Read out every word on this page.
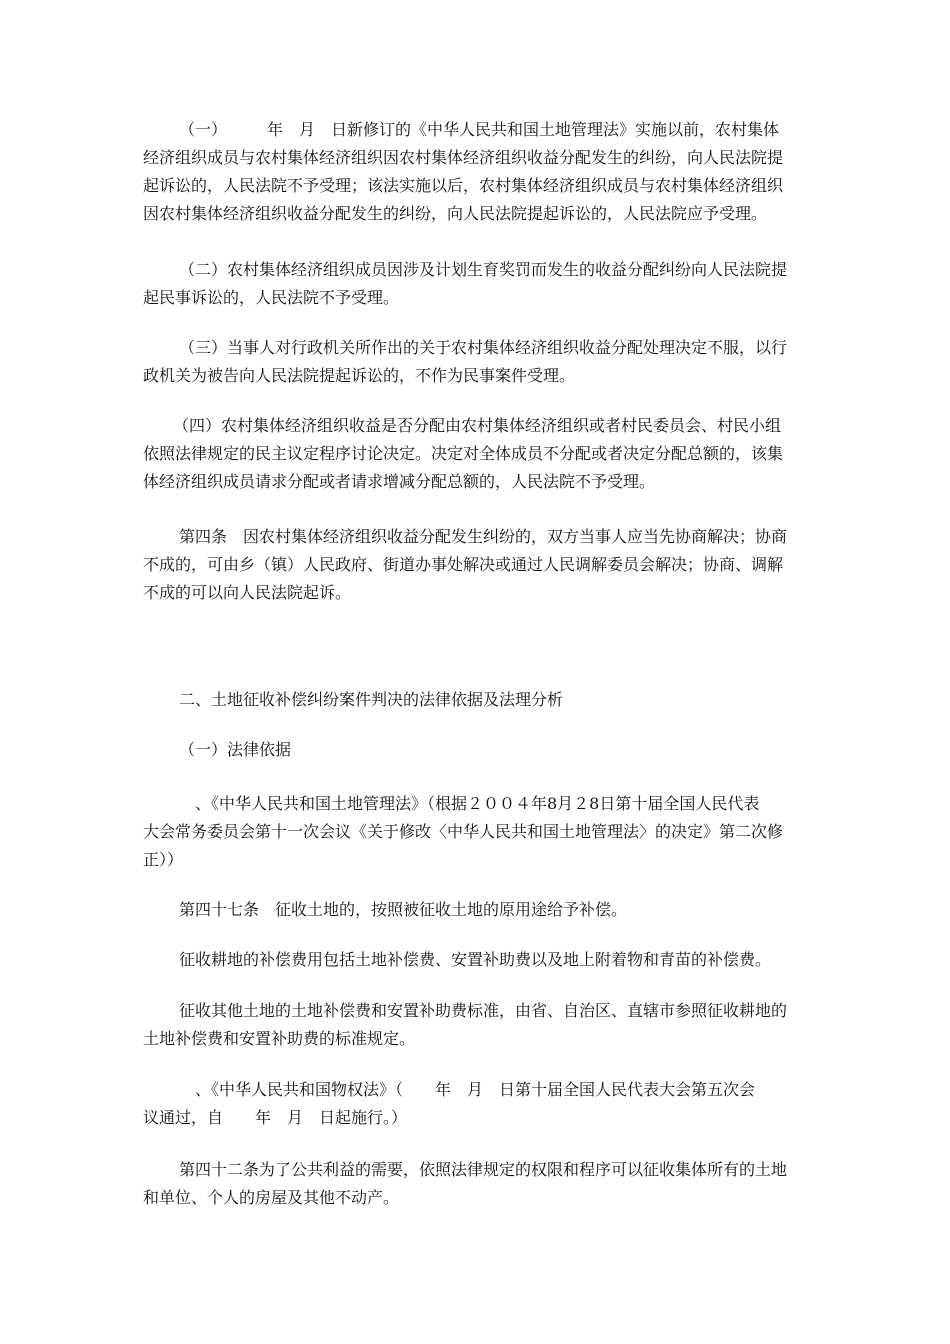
（一）　　　年　月　日新修订的《中华人民共和国土地管理法》实施以前，农村集体
经济组织成员与农村集体经济组织因农村集体经济组织收益分配发生的纠纷，向人民法院提
起诉讼的，人民法院不予受理；该法实施以后，农村集体经济组织成员与农村集体经济组织
因农村集体经济组织收益分配发生的纠纷，向人民法院提起诉讼的，人民法院应予受理。
（二）农村集体经济组织成员因涉及计划生育奖罚而发生的收益分配纠纷向人民法院提
起民事诉讼的，人民法院不予受理。
（三）当事人对行政机关所作出的关于农村集体经济组织收益分配处理决定不服，以行
政机关为被告向人民法院提起诉讼的，不作为民事案件受理。
（四）农村集体经济组织收益是否分配由农村集体经济组织或者村民委员会、村民小组
依照法律规定的民主议定程序讨论决定。决定对全体成员不分配或者决定分配总额的，该集
体经济组织成员请求分配或者请求增减分配总额的，人民法院不予受理。
第四条　因农村集体经济组织收益分配发生纠纷的，双方当事人应当先协商解决；协商
不成的，可由乡（镇）人民政府、街道办事处解决或通过人民调解委员会解决；协商、调解
不成的可以向人民法院起诉。
二、土地征收补偿纠纷案件判决的法律依据及法理分析
（一）法律依据
　、《中华人民共和国土地管理法》（根据２００４年8月２8日第十届全国人民代表
大会常务委员会第十一次会议《关于修改〈中华人民共和国土地管理法〉的决定》第二次修
正））
第四十七条　征收土地的，按照被征收土地的原用途给予补偿。
征收耕地的补偿费用包括土地补偿费、安置补助费以及地上附着物和青苗的补偿费。
征收其他土地的土地补偿费和安置补助费标准，由省、自治区、直辖市参照征收耕地的
土地补偿费和安置补助费的标准规定。
　、《中华人民共和国物权法》（　　年　月　日第十届全国人民代表大会第五次会
议通过，自　　年　月　日起施行。）
第四十二条为了公共利益的需要，依照法律规定的权限和程序可以征收集体所有的土地
和单位、个人的房屋及其他不动产。
